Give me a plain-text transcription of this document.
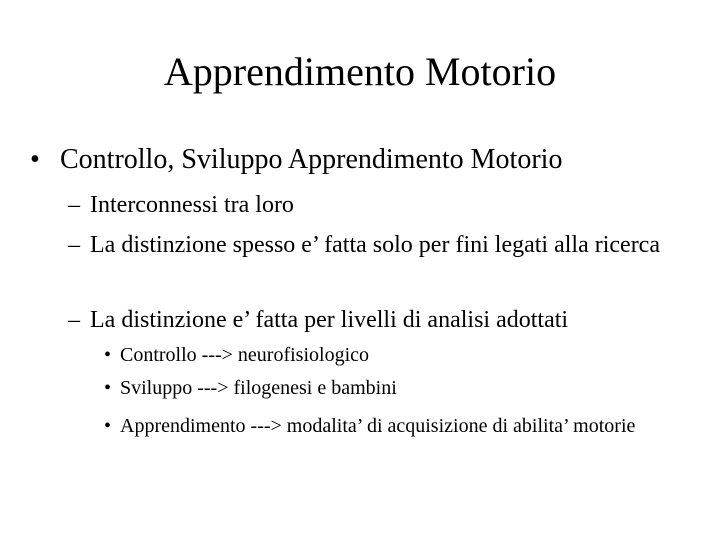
Apprendimento Motorio
• Controllo, Sviluppo Apprendimento Motorio
– Interconnessi tra loro
– La distinzione spesso e’ fatta solo per fini legati alla ricerca
– La distinzione e’ fatta per livelli di analisi adottati
• Controllo ---> neurofisiologico
• Sviluppo ---> filogenesi e bambini
• Apprendimento ---> modalita’ di acquisizione di abilita’ motorie
